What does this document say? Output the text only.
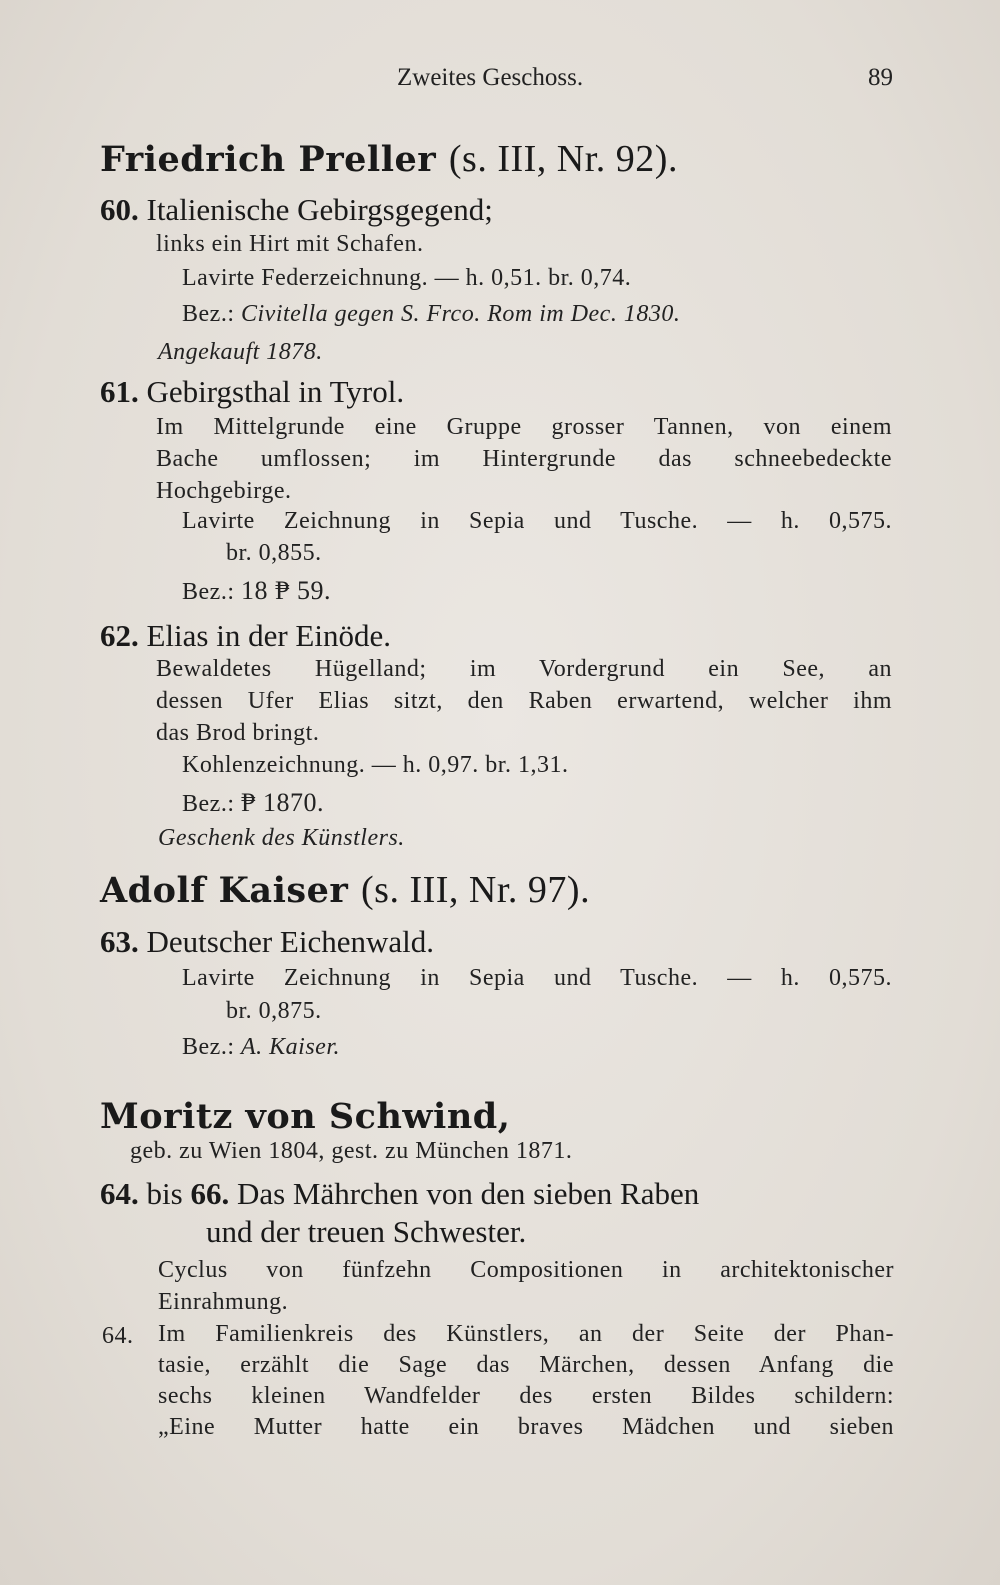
Zweites Geschoss.	89
Friedrich Preller (s. III, Nr. 92).
60. Italienische Gebirgsgegend;
links ein Hirt mit Schafen.
Lavirte Federzeichnung. — h. 0,51. br. 0,74.
Bez.: Civitella gegen S. Frco. Rom im Dec. 1830.
Angekauft 1878.
61. Gebirgsthal in Tyrol.
Im Mittelgrunde eine Gruppe grosser Tannen, von einem
Bache umflossen; im Hintergrunde das schneebedeckte
Hochgebirge.
Lavirte Zeichnung in Sepia und Tusche. — h. 0,575.
br. 0,855.
Bez.: 18 ₱ 59.
62. Elias in der Einöde.
Bewaldetes Hügelland; im Vordergrund ein See, an
dessen Ufer Elias sitzt, den Raben erwartend, welcher ihm
das Brod bringt.
Kohlenzeichnung. — h. 0,97. br. 1,31.
Bez.: ₱ 1870.
Geschenk des Künstlers.
Adolf Kaiser (s. III, Nr. 97).
63. Deutscher Eichenwald.
Lavirte Zeichnung in Sepia und Tusche. — h. 0,575.
br. 0,875.
Bez.: A. Kaiser.
Moritz von Schwind,
geb. zu Wien 1804, gest. zu München 1871.
64. bis 66. Das Mährchen von den sieben Raben
und der treuen Schwester.
Cyclus von fünfzehn Compositionen in architektonischer
Einrahmung.
64. Im Familienkreis des Künstlers, an der Seite der Phan-
tasie, erzählt die Sage das Märchen, dessen Anfang die
sechs kleinen Wandfelder des ersten Bildes schildern:
„Eine Mutter hatte ein braves Mädchen und sieben
